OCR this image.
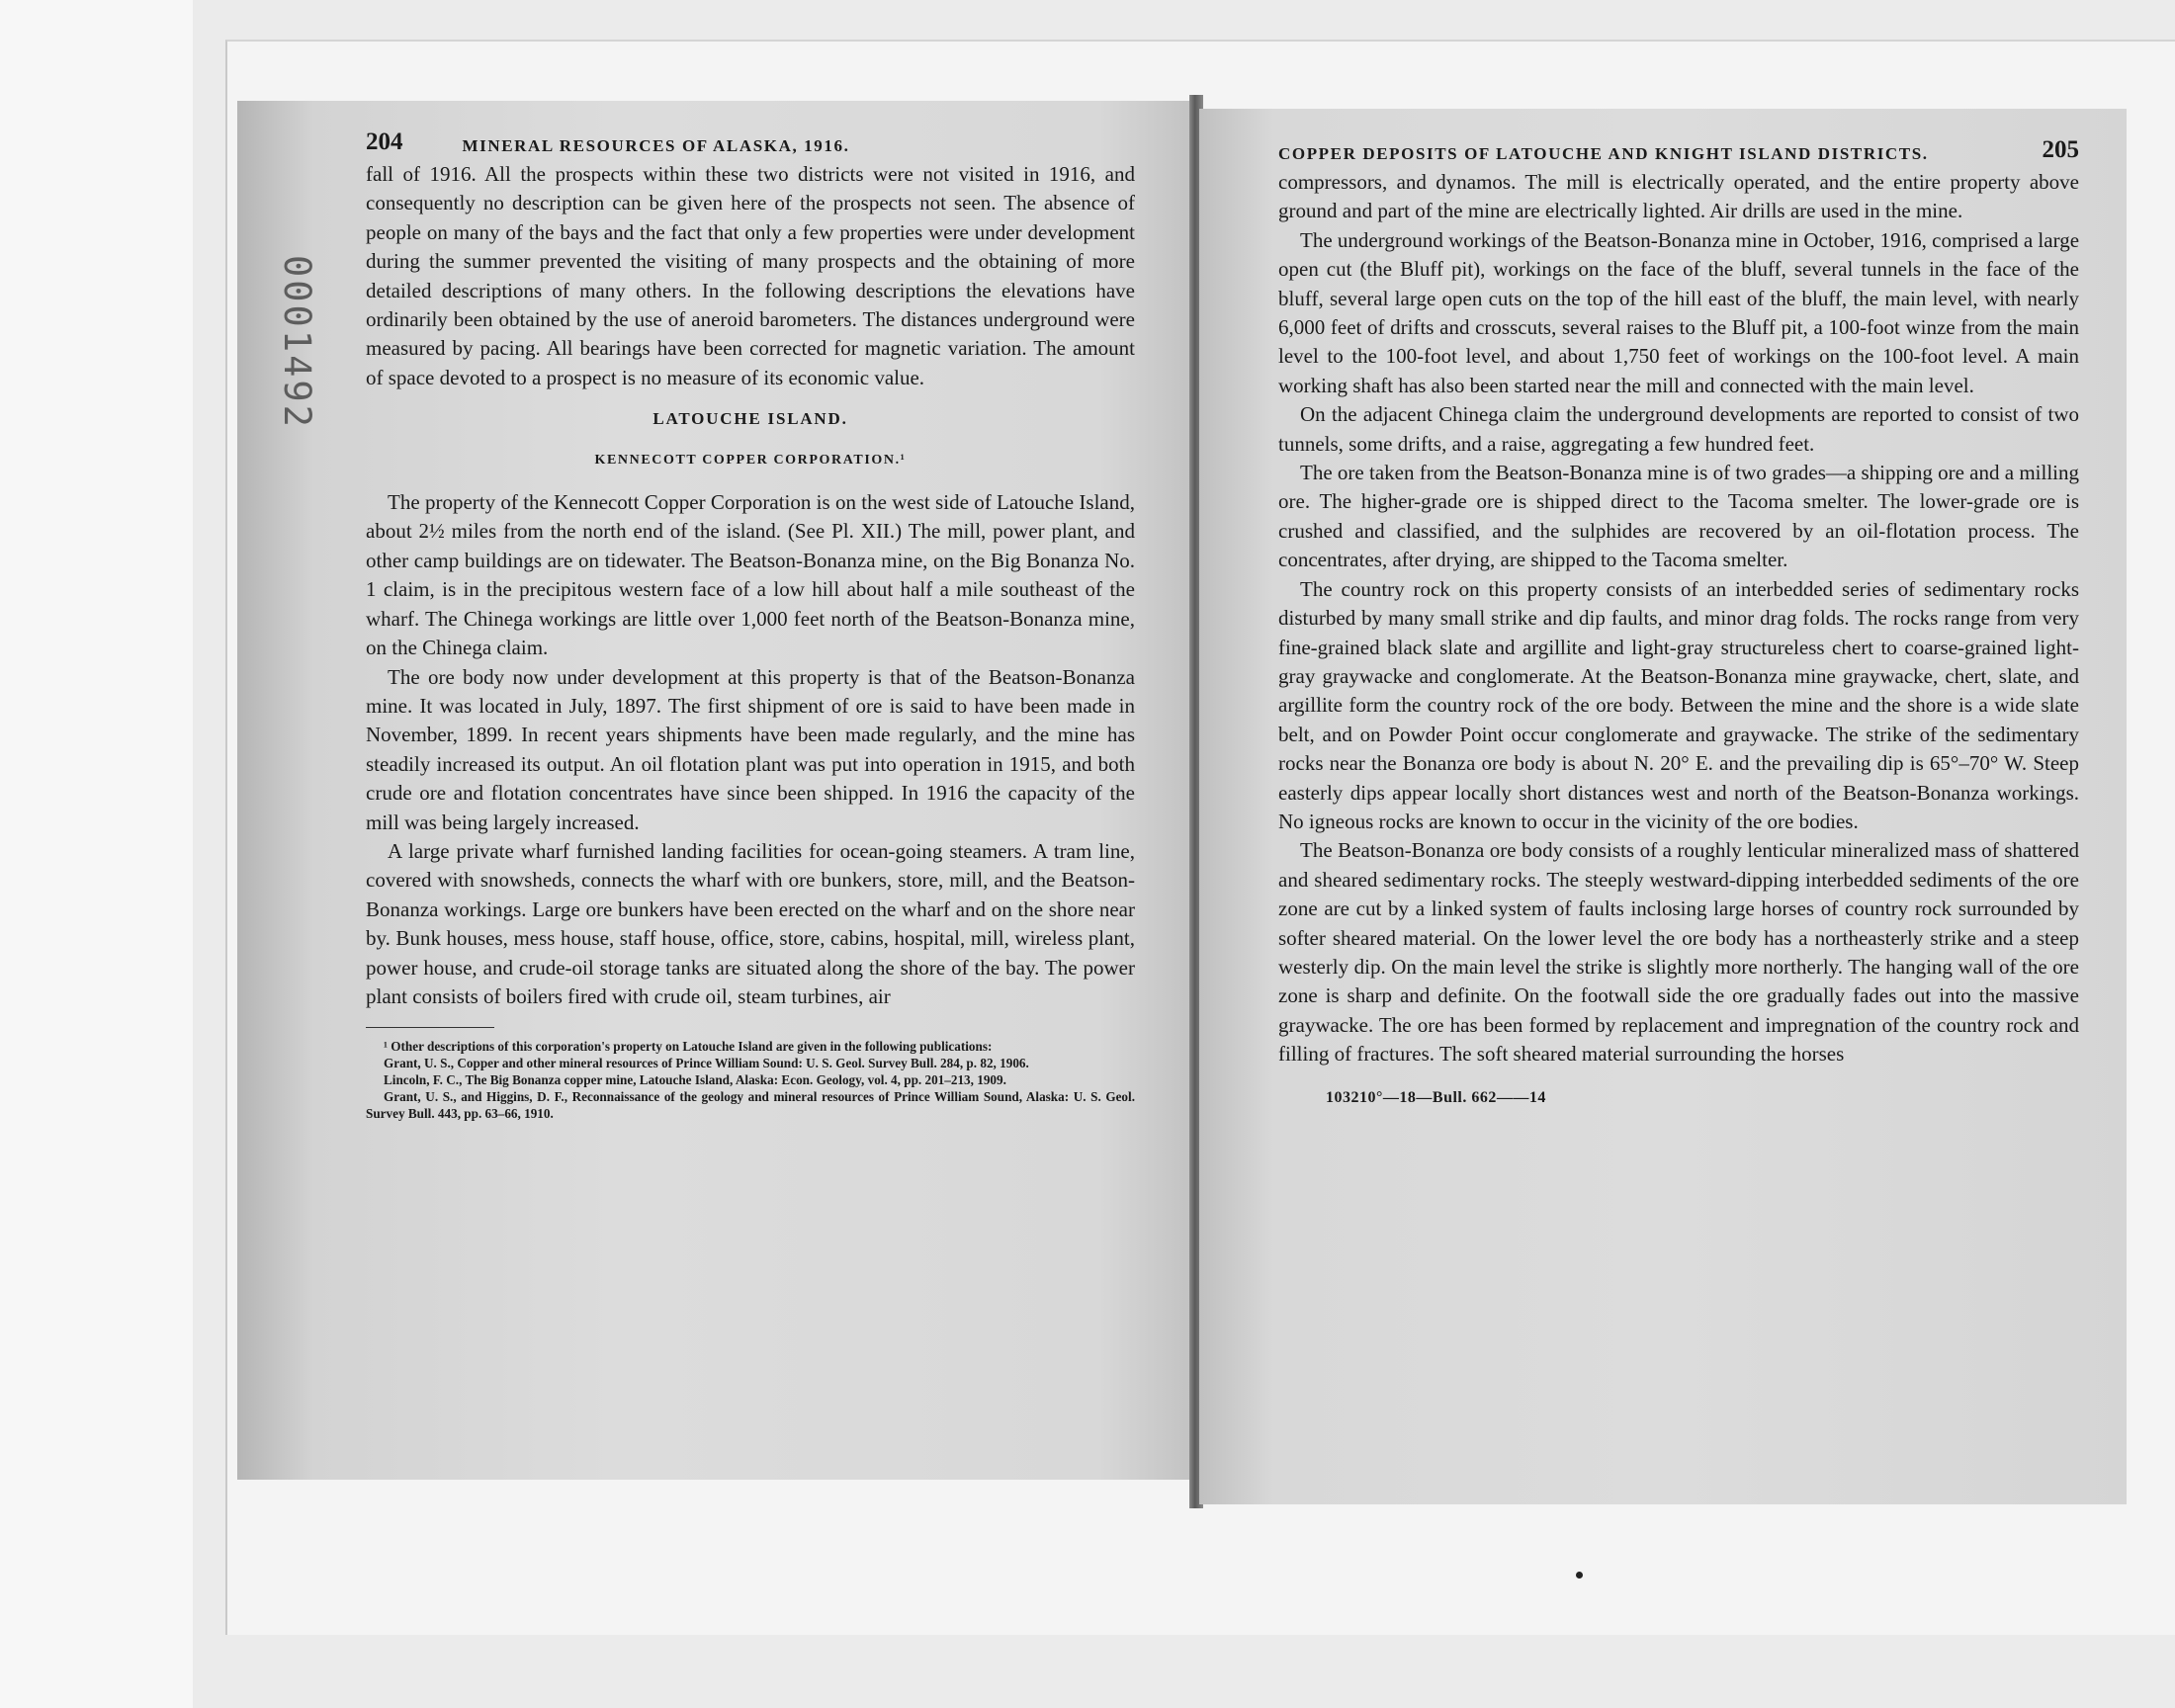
204	MINERAL RESOURCES OF ALASKA, 1916.

fall of 1916. All the prospects within these two districts were not visited in 1916, and consequently no description can be given here of the prospects not seen. The absence of people on many of the bays and the fact that only a few properties were under development during the summer prevented the visiting of many prospects and the obtaining of more detailed descriptions of many others. In the following descriptions the elevations have ordinarily been obtained by the use of aneroid barometers. The distances underground were measured by pacing. All bearings have been corrected for magnetic variation. The amount of space devoted to a prospect is no measure of its economic value.

LATOUCHE ISLAND.
KENNECOTT COPPER CORPORATION.¹

The property of the Kennecott Copper Corporation is on the west side of Latouche Island, about 2½ miles from the north end of the island. (See Pl. XII.) The mill, power plant, and other camp buildings are on tidewater. The Beatson-Bonanza mine, on the Big Bonanza No. 1 claim, is in the precipitous western face of a low hill about half a mile southeast of the wharf. The Chinega workings are little over 1,000 feet north of the Beatson-Bonanza mine, on the Chinega claim.

The ore body now under development at this property is that of the Beatson-Bonanza mine. It was located in July, 1897. The first shipment of ore is said to have been made in November, 1899. In recent years shipments have been made regularly, and the mine has steadily increased its output. An oil flotation plant was put into operation in 1915, and both crude ore and flotation concentrates have since been shipped. In 1916 the capacity of the mill was being largely increased.

A large private wharf furnished landing facilities for ocean-going steamers. A tram line, covered with snowsheds, connects the wharf with ore bunkers, store, mill, and the Beatson-Bonanza workings. Large ore bunkers have been erected on the wharf and on the shore near by. Bunk houses, mess house, staff house, office, store, cabins, hospital, mill, wireless plant, power house, and crude-oil storage tanks are situated along the shore of the bay. The power plant consists of boilers fired with crude oil, steam turbines, air

¹ Other descriptions of this corporation's property on Latouche Island are given in the following publications:

Grant, U. S., Copper and other mineral resources of Prince William Sound: U. S. Geol. Survey Bull. 284, p. 82, 1906.

Lincoln, F. C., The Big Bonanza copper mine, Latouche Island, Alaska: Econ. Geology, vol. 4, pp. 201–213, 1909.

Grant, U. S., and Higgins, D. F., Reconnaissance of the geology and mineral resources of Prince William Sound, Alaska: U. S. Geol. Survey Bull. 443, pp. 63–66, 1910.

COPPER DEPOSITS OF LATOUCHE AND KNIGHT ISLAND DISTRICTS.	205

compressors, and dynamos. The mill is electrically operated, and the entire property above ground and part of the mine are electrically lighted. Air drills are used in the mine.

The underground workings of the Beatson-Bonanza mine in October, 1916, comprised a large open cut (the Bluff pit), workings on the face of the bluff, several tunnels in the face of the bluff, several large open cuts on the top of the hill east of the bluff, the main level, with nearly 6,000 feet of drifts and crosscuts, several raises to the Bluff pit, a 100-foot winze from the main level to the 100-foot level, and about 1,750 feet of workings on the 100-foot level. A main working shaft has also been started near the mill and connected with the main level.

On the adjacent Chinega claim the underground developments are reported to consist of two tunnels, some drifts, and a raise, aggregating a few hundred feet.

The ore taken from the Beatson-Bonanza mine is of two grades—a shipping ore and a milling ore. The higher-grade ore is shipped direct to the Tacoma smelter. The lower-grade ore is crushed and classified, and the sulphides are recovered by an oil-flotation process. The concentrates, after drying, are shipped to the Tacoma smelter.

The country rock on this property consists of an interbedded series of sedimentary rocks disturbed by many small strike and dip faults, and minor drag folds. The rocks range from very fine-grained black slate and argillite and light-gray structureless chert to coarse-grained light-gray graywacke and conglomerate. At the Beatson-Bonanza mine graywacke, chert, slate, and argillite form the country rock of the ore body. Between the mine and the shore is a wide slate belt, and on Powder Point occur conglomerate and graywacke. The strike of the sedimentary rocks near the Bonanza ore body is about N. 20° E. and the prevailing dip is 65°–70° W. Steep easterly dips appear locally short distances west and north of the Beatson-Bonanza workings. No igneous rocks are known to occur in the vicinity of the ore bodies.

The Beatson-Bonanza ore body consists of a roughly lenticular mineralized mass of shattered and sheared sedimentary rocks. The steeply westward-dipping interbedded sediments of the ore zone are cut by a linked system of faults inclosing large horses of country rock surrounded by softer sheared material. On the lower level the ore body has a northeasterly strike and a steep westerly dip. On the main level the strike is slightly more northerly. The hanging wall of the ore zone is sharp and definite. On the footwall side the ore gradually fades out into the massive graywacke. The ore has been formed by replacement and impregnation of the country rock and filling of fractures. The soft sheared material surrounding the horses

103210°—18—Bull. 662——14
0001492
